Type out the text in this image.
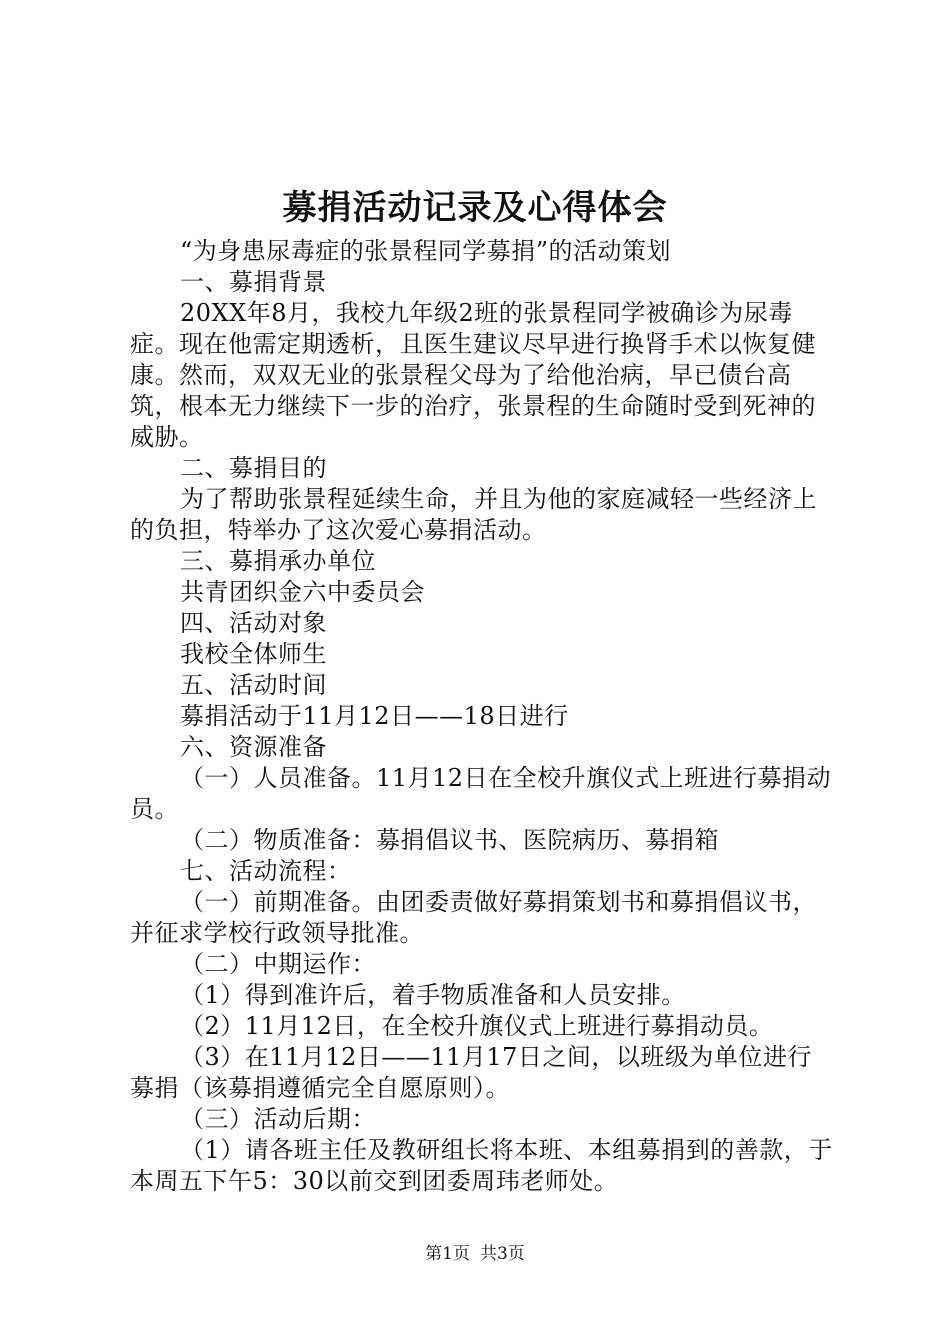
募捐活动记录及心得体会

“为身患尿毒症的张景程同学募捐”的活动策划

一、募捐背景

20XX年8月，我校九年级2班的张景程同学被确诊为尿毒症。现在他需定期透析，且医生建议尽早进行换肾手术以恢复健康。然而，双双无业的张景程父母为了给他治病，早已债台高筑，根本无力继续下一步的治疗，张景程的生命随时受到死神的威胁。

二、募捐目的

为了帮助张景程延续生命，并且为他的家庭减轻一些经济上的负担，特举办了这次爱心募捐活动。

三、募捐承办单位

共青团织金六中委员会

四、活动对象

我校全体师生

五、活动时间

募捐活动于11月12日——18日进行

六、资源准备

（一）人员准备。11月12日在全校升旗仪式上班进行募捐动员。

（二）物质准备：募捐倡议书、医院病历、募捐箱

七、活动流程：

（一）前期准备。由团委责做好募捐策划书和募捐倡议书，并征求学校行政领导批准。

（二）中期运作：

（1）得到准许后，着手物质准备和人员安排。

（2）11月12日，在全校升旗仪式上班进行募捐动员。

（3）在11月12日——11月17日之间，以班级为单位进行募捐（该募捐遵循完全自愿原则）。

（三）活动后期：

（1）请各班主任及教研组长将本班、本组募捐到的善款，于本周五下午5：30以前交到团委周玮老师处。

第1页 共3页
